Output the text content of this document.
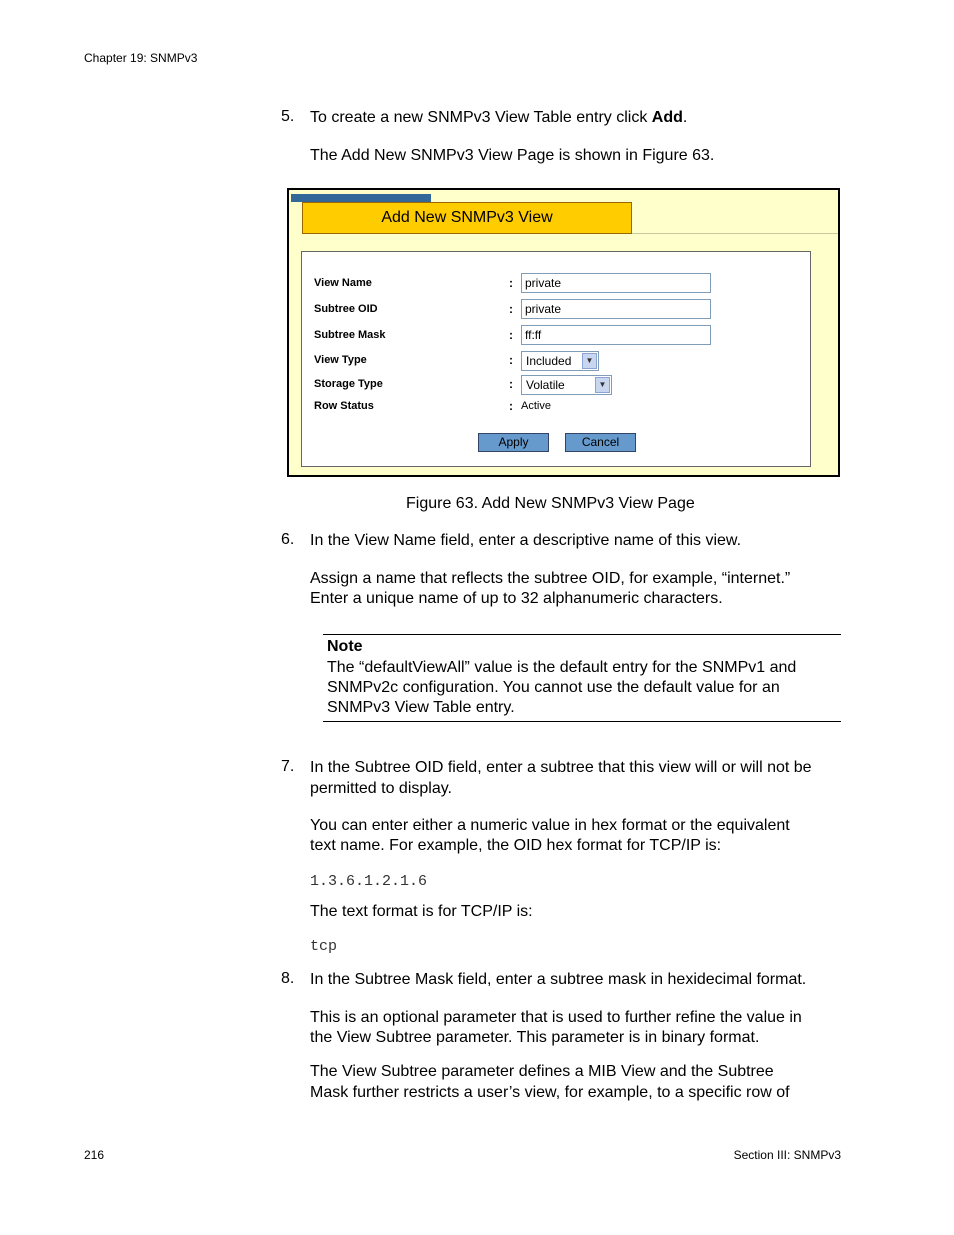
Chapter 19: SNMPv3
5. To create a new SNMPv3 View Table entry click Add.
The Add New SNMPv3 View Page is shown in Figure 63.
Add New SNMPv3 View
View Name	:	private
Subtree OID	:	private
Subtree Mask	:	ff:ff
View Type	:	Included	▼
Storage Type	:	Volatile	▼
Row Status	: Active
Apply	Cancel
Figure 63. Add New SNMPv3 View Page
6. In the View Name field, enter a descriptive name of this view.
Assign a name that reflects the subtree OID, for example, “internet.”
Enter a unique name of up to 32 alphanumeric characters.
Note
The “defaultViewAll” value is the default entry for the SNMPv1 and
SNMPv2c configuration. You cannot use the default value for an
SNMPv3 View Table entry.
7. In the Subtree OID field, enter a subtree that this view will or will not be
permitted to display.
You can enter either a numeric value in hex format or the equivalent
text name. For example, the OID hex format for TCP/IP is:
1.3.6.1.2.1.6
The text format is for TCP/IP is:
tcp
8. In the Subtree Mask field, enter a subtree mask in hexidecimal format.
This is an optional parameter that is used to further refine the value in
the View Subtree parameter. This parameter is in binary format.
The View Subtree parameter defines a MIB View and the Subtree
Mask further restricts a user’s view, for example, to a specific row of
216	Section III: SNMPv3
